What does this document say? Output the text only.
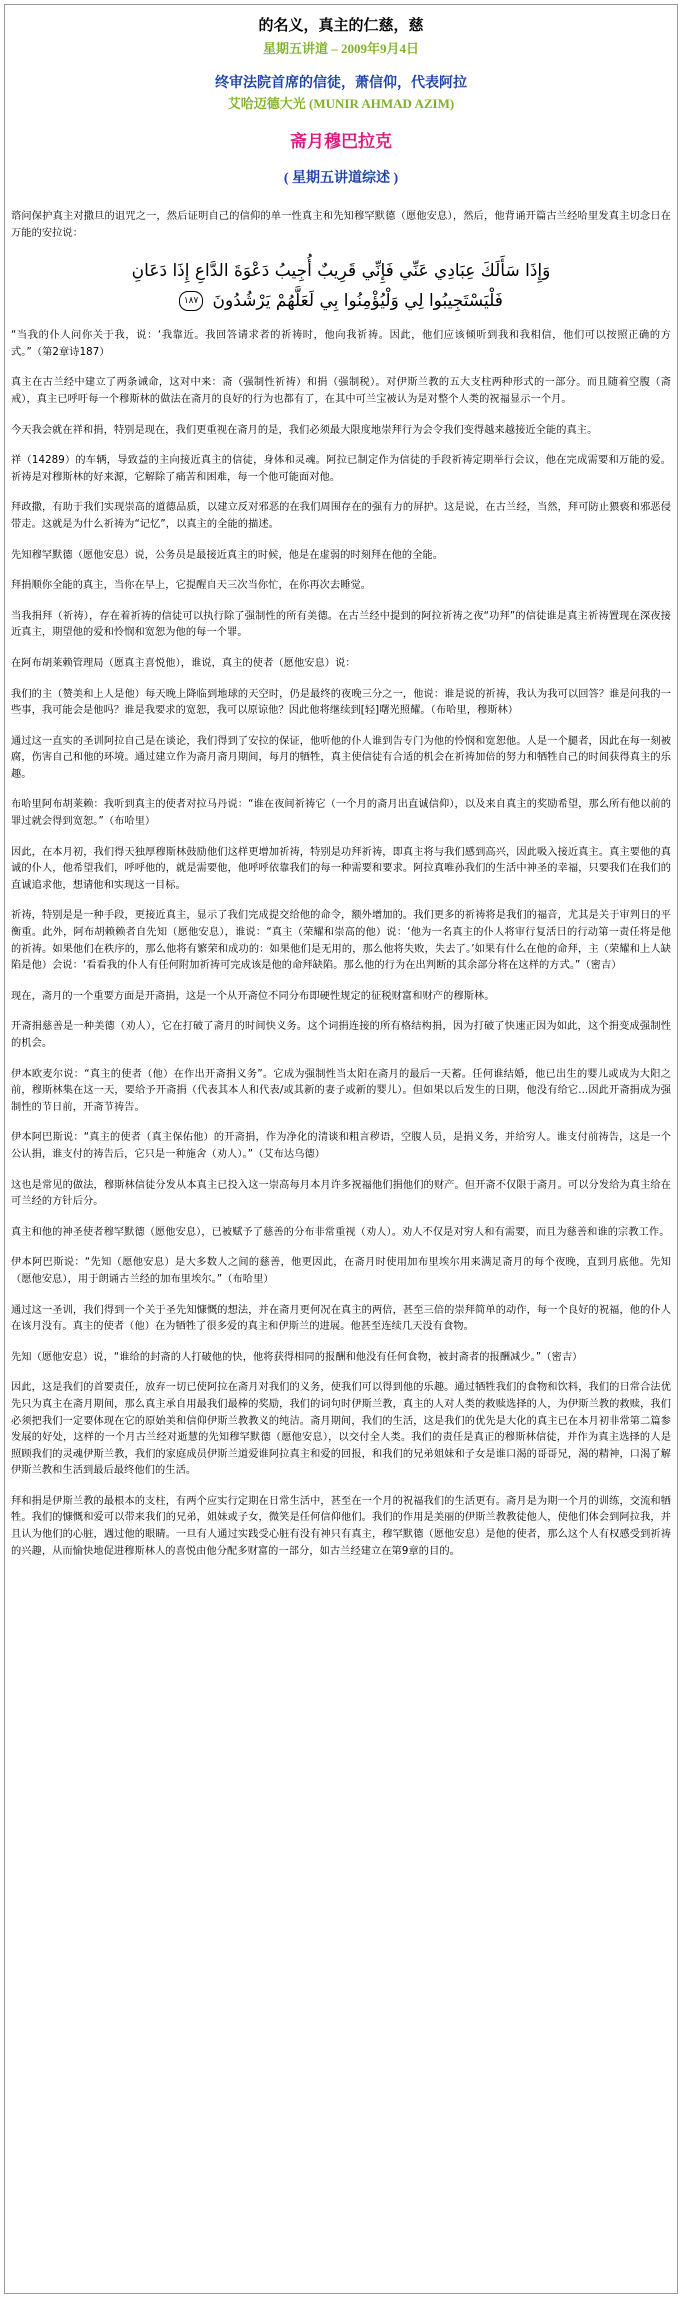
的名义，真主的仁慈，慈
星期五讲道 – 2009年9月4日
终审法院首席的信徒，萧信仰，代表阿拉
艾哈迈德大光 (MUNIR AHMAD AZIM)
斋月穆巴拉克
( 星期五讲道综述 )

谘问保护真主对撒旦的诅咒之一，然后证明自己的信仰的单一性真主和先知穆罕默德（愿他安息），然后，他背诵开篇古兰经哈里发真主切念日在万能的安拉说：

وَإِذَا سَأَلَكَ عِبَادِي عَنِّي فَإِنِّي قَرِيبٌ أُجِيبُ دَعْوَةَ الدَّاعِ إِذَا دَعَانِ
فَلْيَسْتَجِيبُوا لِي وَلْيُؤْمِنُوا بِي لَعَلَّهُمْ يَرْشُدُونَ ١٨٧

“当我的仆人问你关于我，说：‘我靠近。我回答请求者的祈祷时，他向我祈祷。因此，他们应该倾听到我和我相信，他们可以按照正确的方式。”（第2章诗187）

真主在古兰经中建立了两条诫命，这对中来：斋（强制性祈祷）和捐（强制税）。对伊斯兰教的五大支柱两种形式的一部分。而且随着空腹（斋戒），真主已呼吁每一个穆斯林的做法在斋月的良好的行为也都有了，在其中可兰宝被认为是对整个人类的祝福显示一个月。

今天我会就在祥和捐，特别是现在，我们更重视在斋月的是，我们必须最大限度地崇拜行为会令我们变得越来越接近全能的真主。

祥（14289）的车辆，导致益的主向接近真主的信徒，身体和灵魂。阿拉已制定作为信徒的手段祈祷定期举行会议，他在完成需要和万能的爱。祈祷是对穆斯林的好来源，它解除了痛苦和困难，每一个他可能面对他。

拜政撒，有助于我们实现崇高的道德品质，以建立反对邪恶的在我们周围存在的强有力的屏护。这是说，在古兰经，当然，拜可防止猥亵和邪恶侵带走。这就是为什么祈祷为“记忆”，以真主的全能的描述。

先知穆罕默德（愿他安息）说，公务员是最接近真主的时候，他是在虚弱的时刻拜在他的全能。

拜捐顺你全能的真主，当你在早上，它提醒自天三次当你忙，在你再次去睡觉。

当我捐拜（祈祷），存在着祈祷的信徒可以执行除了强制性的所有美德。在古兰经中提到的阿拉祈祷之夜“功拜”的信徒谁是真主祈祷置现在深夜接近真主，期望他的爱和怜悯和宽恕为他的每一个罪。

在阿布胡莱赖管理局（愿真主喜悦他），谁说，真主的使者（愿他安息）说：

我们的主（赞美和上人是他）每天晚上降临到地球的天空时，仍是最终的夜晚三分之一，他说：谁是说的祈祷，我认为我可以回答？谁是问我的一些事，我可能会是他吗？谁是我要求的宽恕，我可以原谅他？因此他将继续到[轻]曙光照耀。（布哈里，穆斯林）

通过这一直实的圣训阿拉自己是在谈论，我们得到了安拉的保证，他听他的仆人谁到告专门为他的怜悯和宽恕他。人是一个腿者，因此在每一刻被腐，伤害自己和他的环境。通过建立作为斋月斋月期间，每月的牺牲，真主使信徒有合适的机会在祈祷加倍的努力和牺牲自己的时间获得真主的乐趣。

布哈里阿布胡莱赖：我听到真主的使者对拉马丹说：“谁在夜间祈祷它（一个月的斋月出直诚信仰），以及来自真主的奖励希望，那么所有他以前的罪过就会得到宽恕。”（布哈里）

因此，在本月初，我们得天独厚穆斯林鼓励他们这样更增加祈祷，特别是功拜祈祷，即真主将与我们感到高兴，因此吸入接近真主。真主要他的真诚的仆人，他希望我们，呼呼他的，就是需要他，他呼呼依靠我们的每一种需要和要求。阿拉真唯孙我们的生活中神圣的幸福，只要我们在我们的直诚追求他，想请他和实现这一目标。

祈祷，特别是是一种手段，更接近真主，显示了我们完成提交给他的命令，额外增加的。我们更多的祈祷将是我们的福音，尤其是关于审判日的平衡重。此外，阿布胡赖赖者自先知（愿他安息），谁说：“真主（荣耀和崇高的他）说：‘他为一名真主的仆人将审行复活日的行动第一责任将是他的祈祷。如果他们在秩序的，那么他将有繁荣和成功的：如果他们是无用的，那么他将失败，失去了。’如果有什么在他的命拜，主（荣耀和上人缺陷是他）会说：‘看看我的仆人有任何附加祈祷可完成该是他的命拜缺陷。那么他的行为在出判断的其余部分将在这样的方式。”（密吉）

现在，斋月的一个重要方面是开斋捐，这是一个从开斋位不同分布即硬性规定的征税财富和财产的穆斯林。

开斋捐慈善是一种美德（劝人），它在打破了斋月的时间快义务。这个词捐连接的所有格结构捐，因为打破了快速正因为如此，这个捐变成强制性的机会。

伊本欧麦尔说：“真主的使者（他）在作出开斋捐义务”。它成为强制性当太阳在斋月的最后一天蓄。任何谁结婚，他已出生的婴儿或成为大阳之前，穆斯林集在这一天，要给予开斋捐（代表其本人和代表/或其新的妻子或新的婴儿）。但如果以后发生的日期，他没有给它...因此开斋捐成为强制性的节日前，开斋节祷告。

伊本阿巴斯说：“真主的使者（真主保佑他）的开斋捐，作为净化的清谈和粗言秽语，空腹人员，是捐义务，并给穷人。谁支付前祷告，这是一个公认捐，谁支付的祷告后，它只是一种施舍（劝人）。”（艾布达乌德）

这也是常见的做法，穆斯林信徒分发从本真主已投入这一崇高每月本月许多祝福他们捐他们的财产。但开斋不仅限于斋月。可以分发给为真主给在可兰经的方针后分。

真主和他的神圣使者穆罕默德（愿他安息），已被赋予了慈善的分布非常重视（劝人）。劝人不仅是对穷人和有需要，而且为慈善和谁的宗教工作。

伊本阿巴斯说：“先知（愿他安息）是大多数人之间的慈善，他更因此，在斋月时使用加布里埃尔用来满足斋月的每个夜晚，直到月底他。先知（愿他安息），用于朗诵古兰经的加布里埃尔。”（布哈里）

通过这一圣训，我们得到一个关于圣先知慷慨的想法，并在斋月更何况在真主的两倍，甚至三倍的崇拜简单的动作，每一个良好的祝福，他的仆人在该月没有。真主的使者（他）在为牺牲了很多爱的真主和伊斯兰的进展。他甚至连续几天没有食物。

先知（愿他安息）说，“谁给的封斋的人打破他的快，他将获得相同的报酬和他没有任何食物，被封斋者的报酬减少。”（密吉）

因此，这是我们的首要责任，放弃一切已使阿拉在斋月对我们的义务，使我们可以得到他的乐趣。通过牺牲我们的食物和饮料，我们的日常合法优先只为真主在斋月期间，那么真主承自用最我们最棒的奖励，我们的词句时伊斯兰教，真主的人对人类的救赎选择的人，为伊斯兰教的救赎，我们必须把我们一定要体现在它的原始美和信仰伊斯兰教教义的纯洁。斋月期间，我们的生活，这是我们的优先是大化的真主已在本月初非常第二篇参发展的好处，这样的一个月古兰经对逝慧的先知穆罕默德（愿他安息），以交付全人类。我们的责任是真正的穆斯林信徒，并作为真主选择的人是照顾我们的灵魂伊斯兰教，我们的家庭成员伊斯兰道爱谁阿拉真主和爱的回报，和我们的兄弟姐妹和子女是谁口渴的哥哥兄，渴的精神，口渴了解伊斯兰教和生活到最后最终他们的生活。

拜和捐是伊斯兰教的最根本的支柱，有两个应实行定期在日常生活中，甚至在一个月的祝福我们的生活更有。斋月是为期一个月的训练，交流和牺牲。我们的慷慨和爱可以带来我们的兄弟，姐妹或子女，微笑是任何信仰他们。我们的作用是美丽的伊斯兰教教徒他人，使他们体会到阿拉我，并且认为他们的心脏，遇过他的眼睛。一旦有人通过实践受心脏有没有神只有真主，穆罕默德（愿他安息）是他的使者，那么这个人有权感受到祈祷的兴趣，从而愉快地促进穆斯林人的喜悦由他分配多财富的一部分，如古兰经建立在第9章的目的。
